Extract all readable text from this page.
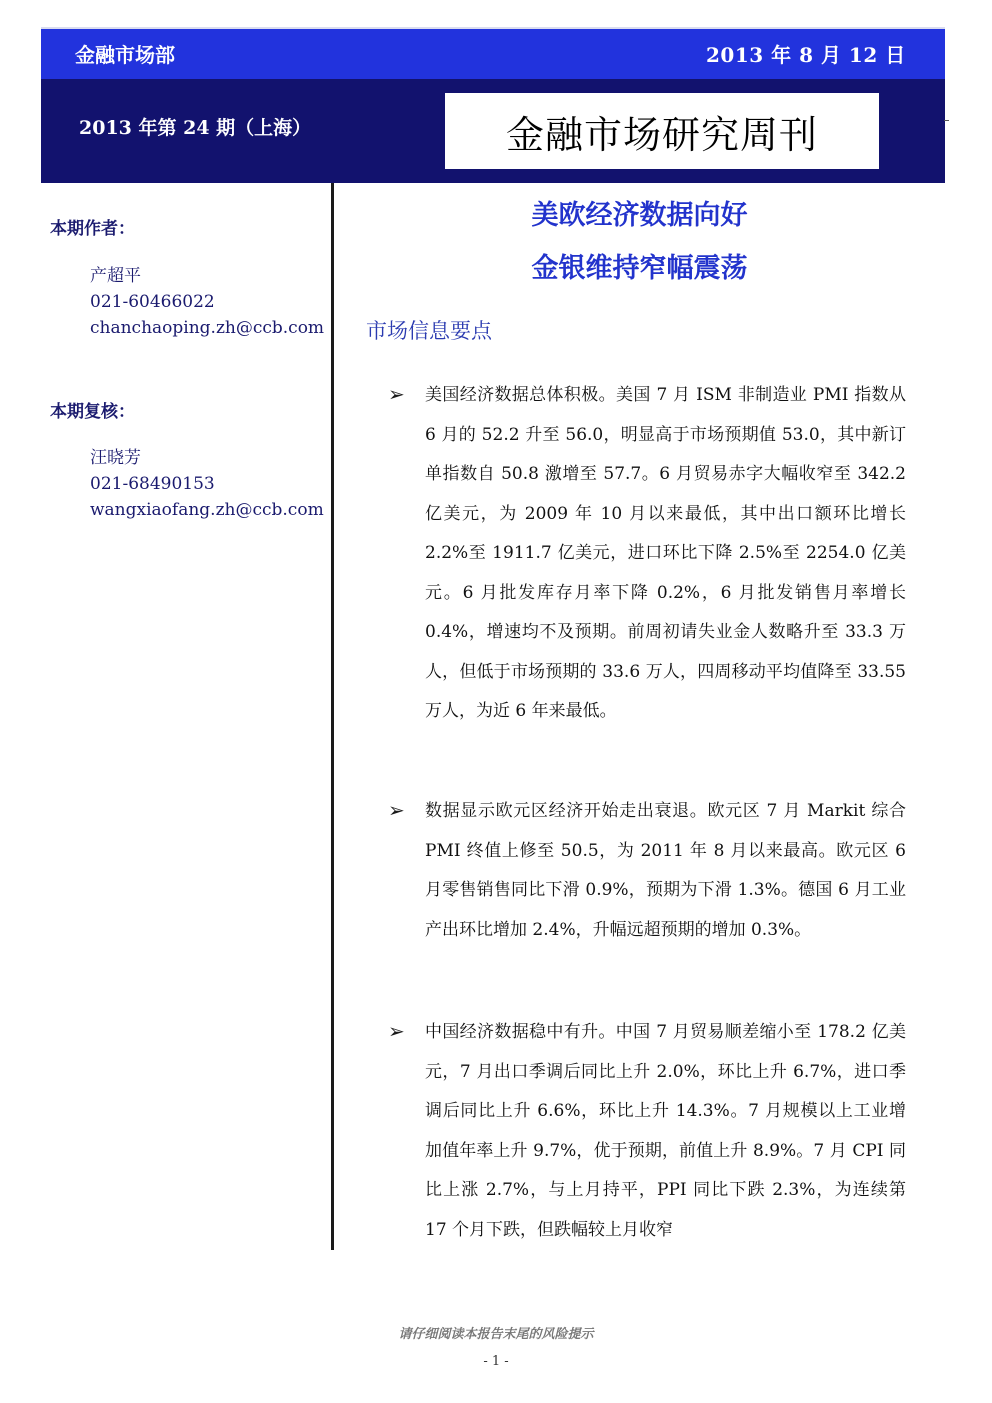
金融市场部	2013 年 8 月 12 日
2013 年第 24 期（上海）	金融市场研究周刊
本期作者：
产超平
021-60466022
chanchaoping.zh@ccb.com
本期复核：
汪晓芳
021-68490153
wangxiaofang.zh@ccb.com
美欧经济数据向好
金银维持窄幅震荡
市场信息要点
➢ 美国经济数据总体积极。美国 7 月 ISM 非制造业 PMI 指数从 6 月的 52.2 升至 56.0，明显高于市场预期值 53.0，其中新订单指数自 50.8 激增至 57.7。6 月贸易赤字大幅收窄至 342.2 亿美元，为 2009 年 10 月以来最低，其中出口额环比增长 2.2%至 1911.7 亿美元，进口环比下降 2.5%至 2254.0 亿美元。6 月批发库存月率下降 0.2%，6 月批发销售月率增长 0.4%，增速均不及预期。前周初请失业金人数略升至 33.3 万人，但低于市场预期的 33.6 万人，四周移动平均值降至 33.55 万人，为近 6 年来最低。
➢ 数据显示欧元区经济开始走出衰退。欧元区 7 月 Markit 综合 PMI 终值上修至 50.5，为 2011 年 8 月以来最高。欧元区 6 月零售销售同比下滑 0.9%，预期为下滑 1.3%。德国 6 月工业产出环比增加 2.4%，升幅远超预期的增加 0.3%。
➢ 中国经济数据稳中有升。中国 7 月贸易顺差缩小至 178.2 亿美元，7 月出口季调后同比上升 2.0%，环比上升 6.7%，进口季调后同比上升 6.6%，环比上升 14.3%。7 月规模以上工业增加值年率上升 9.7%，优于预期，前值上升 8.9%。7 月 CPI 同比上涨 2.7%，与上月持平，PPI 同比下跌 2.3%，为连续第 17 个月下跌，但跌幅较上月收窄
请仔细阅读本报告末尾的风险提示
- 1 -
